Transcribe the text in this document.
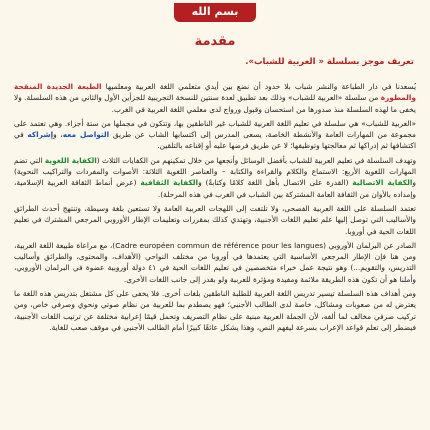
بسم الله
مقدمة
تعريف موجز بسلسلة « العربية للشباب».

يُسعدنا في دار الطباعة والنشر شباب بلا حدود أن نضع بين أيدي متعلمي اللغة العربية ومعلميها الطبعة الجديدة المنقحة والمطورة من سلسلة «العربية للشباب» وذلك بعد تطبيق لعدة سنتين للنسخة التجريبية للجزأين الأول والثاني من هذه السلسلة. ولا يخفى ما لهذه السلسلة منذ صدورها من استحسان وقبول ورواج لدى معلمي اللغة العربية في الغرب.

«العربية للشباب» هي سلسلة في تعليم اللغة العربية للشباب غير الناطقين بها، وتتكون في مجملها من ستة أجزاء. وهي تعتمد على مجموعة من المهارات العامة والأنشطة الخاصة، يسعى المدرس إلى اكتسابها الشاب عن طريق التواصل معه، وإشراكه في اكتشافها ثم إدراكها ثم معالجتها وتوظيفها؛ لا عن طريق فرضها عليه أو إقناعه بالتلقين.

وتهدف السلسلة في تعليم العربية للشباب بأفضل الوسائل وأنجعها من خلال تمكينهم من الكفايات الثلاث (الكفاية اللغوية التي تضم المهارات اللغوية الأربع: الاستماع والكلام والقراءة والكتابة – والعناصر اللغوية الثلاثة: الأصوات والمفردات والتراكيب النحوية) والكفاية الاتصالية (القدرة على الاتصال بأهل اللغة كلامًا وكتابةً) والكفاية الثقافية (عرض أنماط الثقافة العربية الإسلامية، وإمداده بالأوان من الثقافة العامة المشتركة بين الشباب في الغرب في هذه المرحلة).

تعتمد السلسلة على اللغة العربية الفصحى، ولا تلتفت إلى اللهجات العربية العامة ولا تستعين بلغة وسيطة، وتنتهج أحدث الطرائق والأساليب التي توصل إليها علم تعليم اللغات الأجنبية، وتهتدي كذلك بمقررات وتعليمات الإطار الأوروبي المرجعي المشترك في تعليم اللغات الحية في أوروبا.

الصادر عن البرلمان الأوروبي (Cadre européen commun de référence pour les langues)، مع مراعاة طبيعة اللغة العربية، ومن هنا فإن الإطار المرجعي الأساسية التي يعتمدها في أوروبا من مختلف النواحي (الأهداف، والمحتوى، والطرائق وأساليب التدريس، والتقويم...) وهو نتيجة عمل خبراء متخصصين في تعليم اللغات الحية في ٤١ دولة أوروبية عضوة في البرلمان الأوروبي، وأملنا هو أن تكون هذه الطريقة ملائمة ومفيدة ومؤثرة للعربية ولو بقدر إلى جانب اللغات الأخرى.

ومن أهداف هذه السلسلة تيسير تدريس اللغة العربية للطلبة الناطقين بلغات أخرى. فلا يخفى على كل مشتغل بتدريس هذه اللغة ما يعترض له من صعوبات ومشاكل، خاصة لدى الطالب الأجنبي؛ فهو يصطدم بما للعربية من نظام صوتي ونحوي وصرفي خاص، ومن تركيب صرفي مخالف لما ألفه، لأن الجملة العربية مبنية على نظام التصريف وتحمل قيمًا إعرابية مختلفة عن ترتيب اللغات الأجنبية، فيضطر إلى تعلم قواعد الإعراب بسرعة ليفهم النص، وهذا يشكل عائقًا كبيرًا أمام الطالب الأجنبي في موقف صعب للغاية.
